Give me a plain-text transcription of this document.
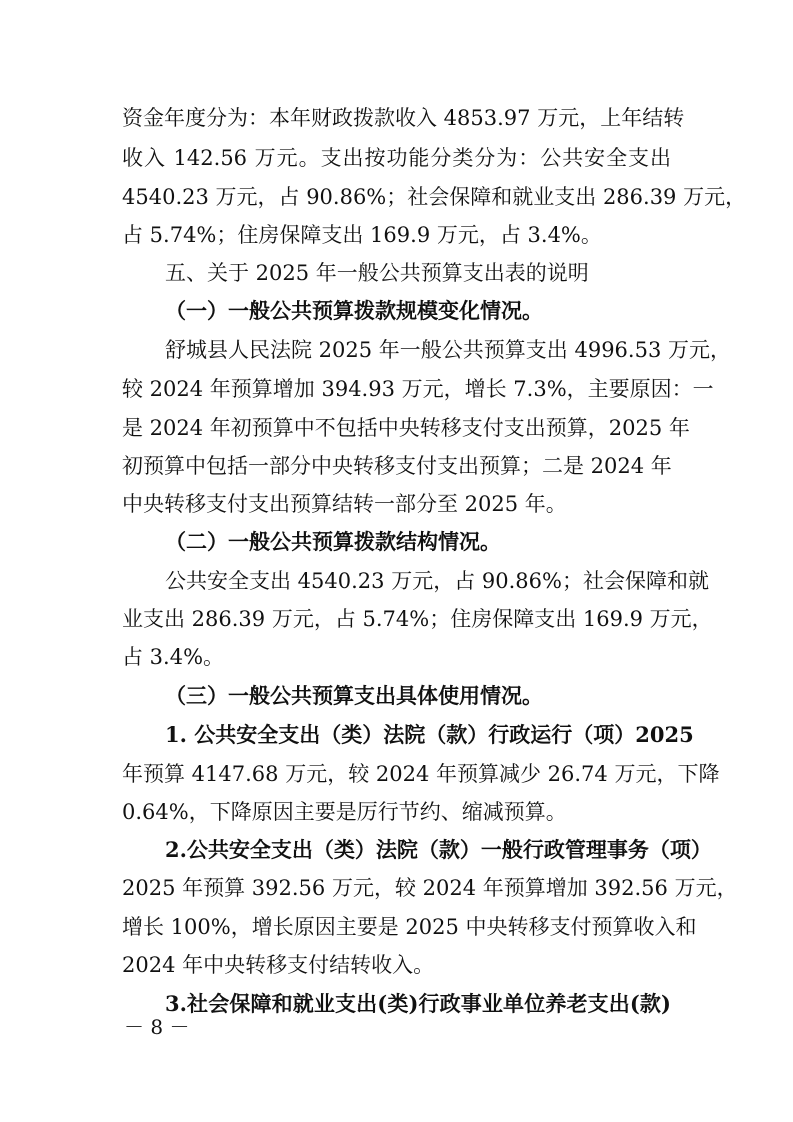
资金年度分为：本年财政拨款收入 4853.97 万元，上年结转
收入 142.56 万元。支出按功能分类分为：公共安全支出
4540.23 万元，占 90.86%；社会保障和就业支出 286.39 万元，
占 5.74%；住房保障支出 169.9 万元，占 3.4%。
五、关于 2025 年一般公共预算支出表的说明
（一）一般公共预算拨款规模变化情况。
舒城县人民法院 2025 年一般公共预算支出 4996.53 万元，
较 2024 年预算增加 394.93 万元，增长 7.3%，主要原因：一
是 2024 年初预算中不包括中央转移支付支出预算，2025 年
初预算中包括一部分中央转移支付支出预算；二是 2024 年
中央转移支付支出预算结转一部分至 2025 年。
（二）一般公共预算拨款结构情况。
公共安全支出 4540.23 万元，占 90.86%；社会保障和就
业支出 286.39 万元，占 5.74%；住房保障支出 169.9 万元，
占 3.4%。
（三）一般公共预算支出具体使用情况。
1. 公共安全支出（类）法院（款）行政运行（项）2025
年预算 4147.68 万元，较 2024 年预算减少 26.74 万元，下降
0.64%，下降原因主要是厉行节约、缩减预算。
2.公共安全支出（类）法院（款）一般行政管理事务（项）
2025 年预算 392.56 万元，较 2024 年预算增加 392.56 万元，
增长 100%，增长原因主要是 2025 中央转移支付预算收入和
2024 年中央转移支付结转收入。
3.社会保障和就业支出(类)行政事业单位养老支出(款)
－ 8 －
